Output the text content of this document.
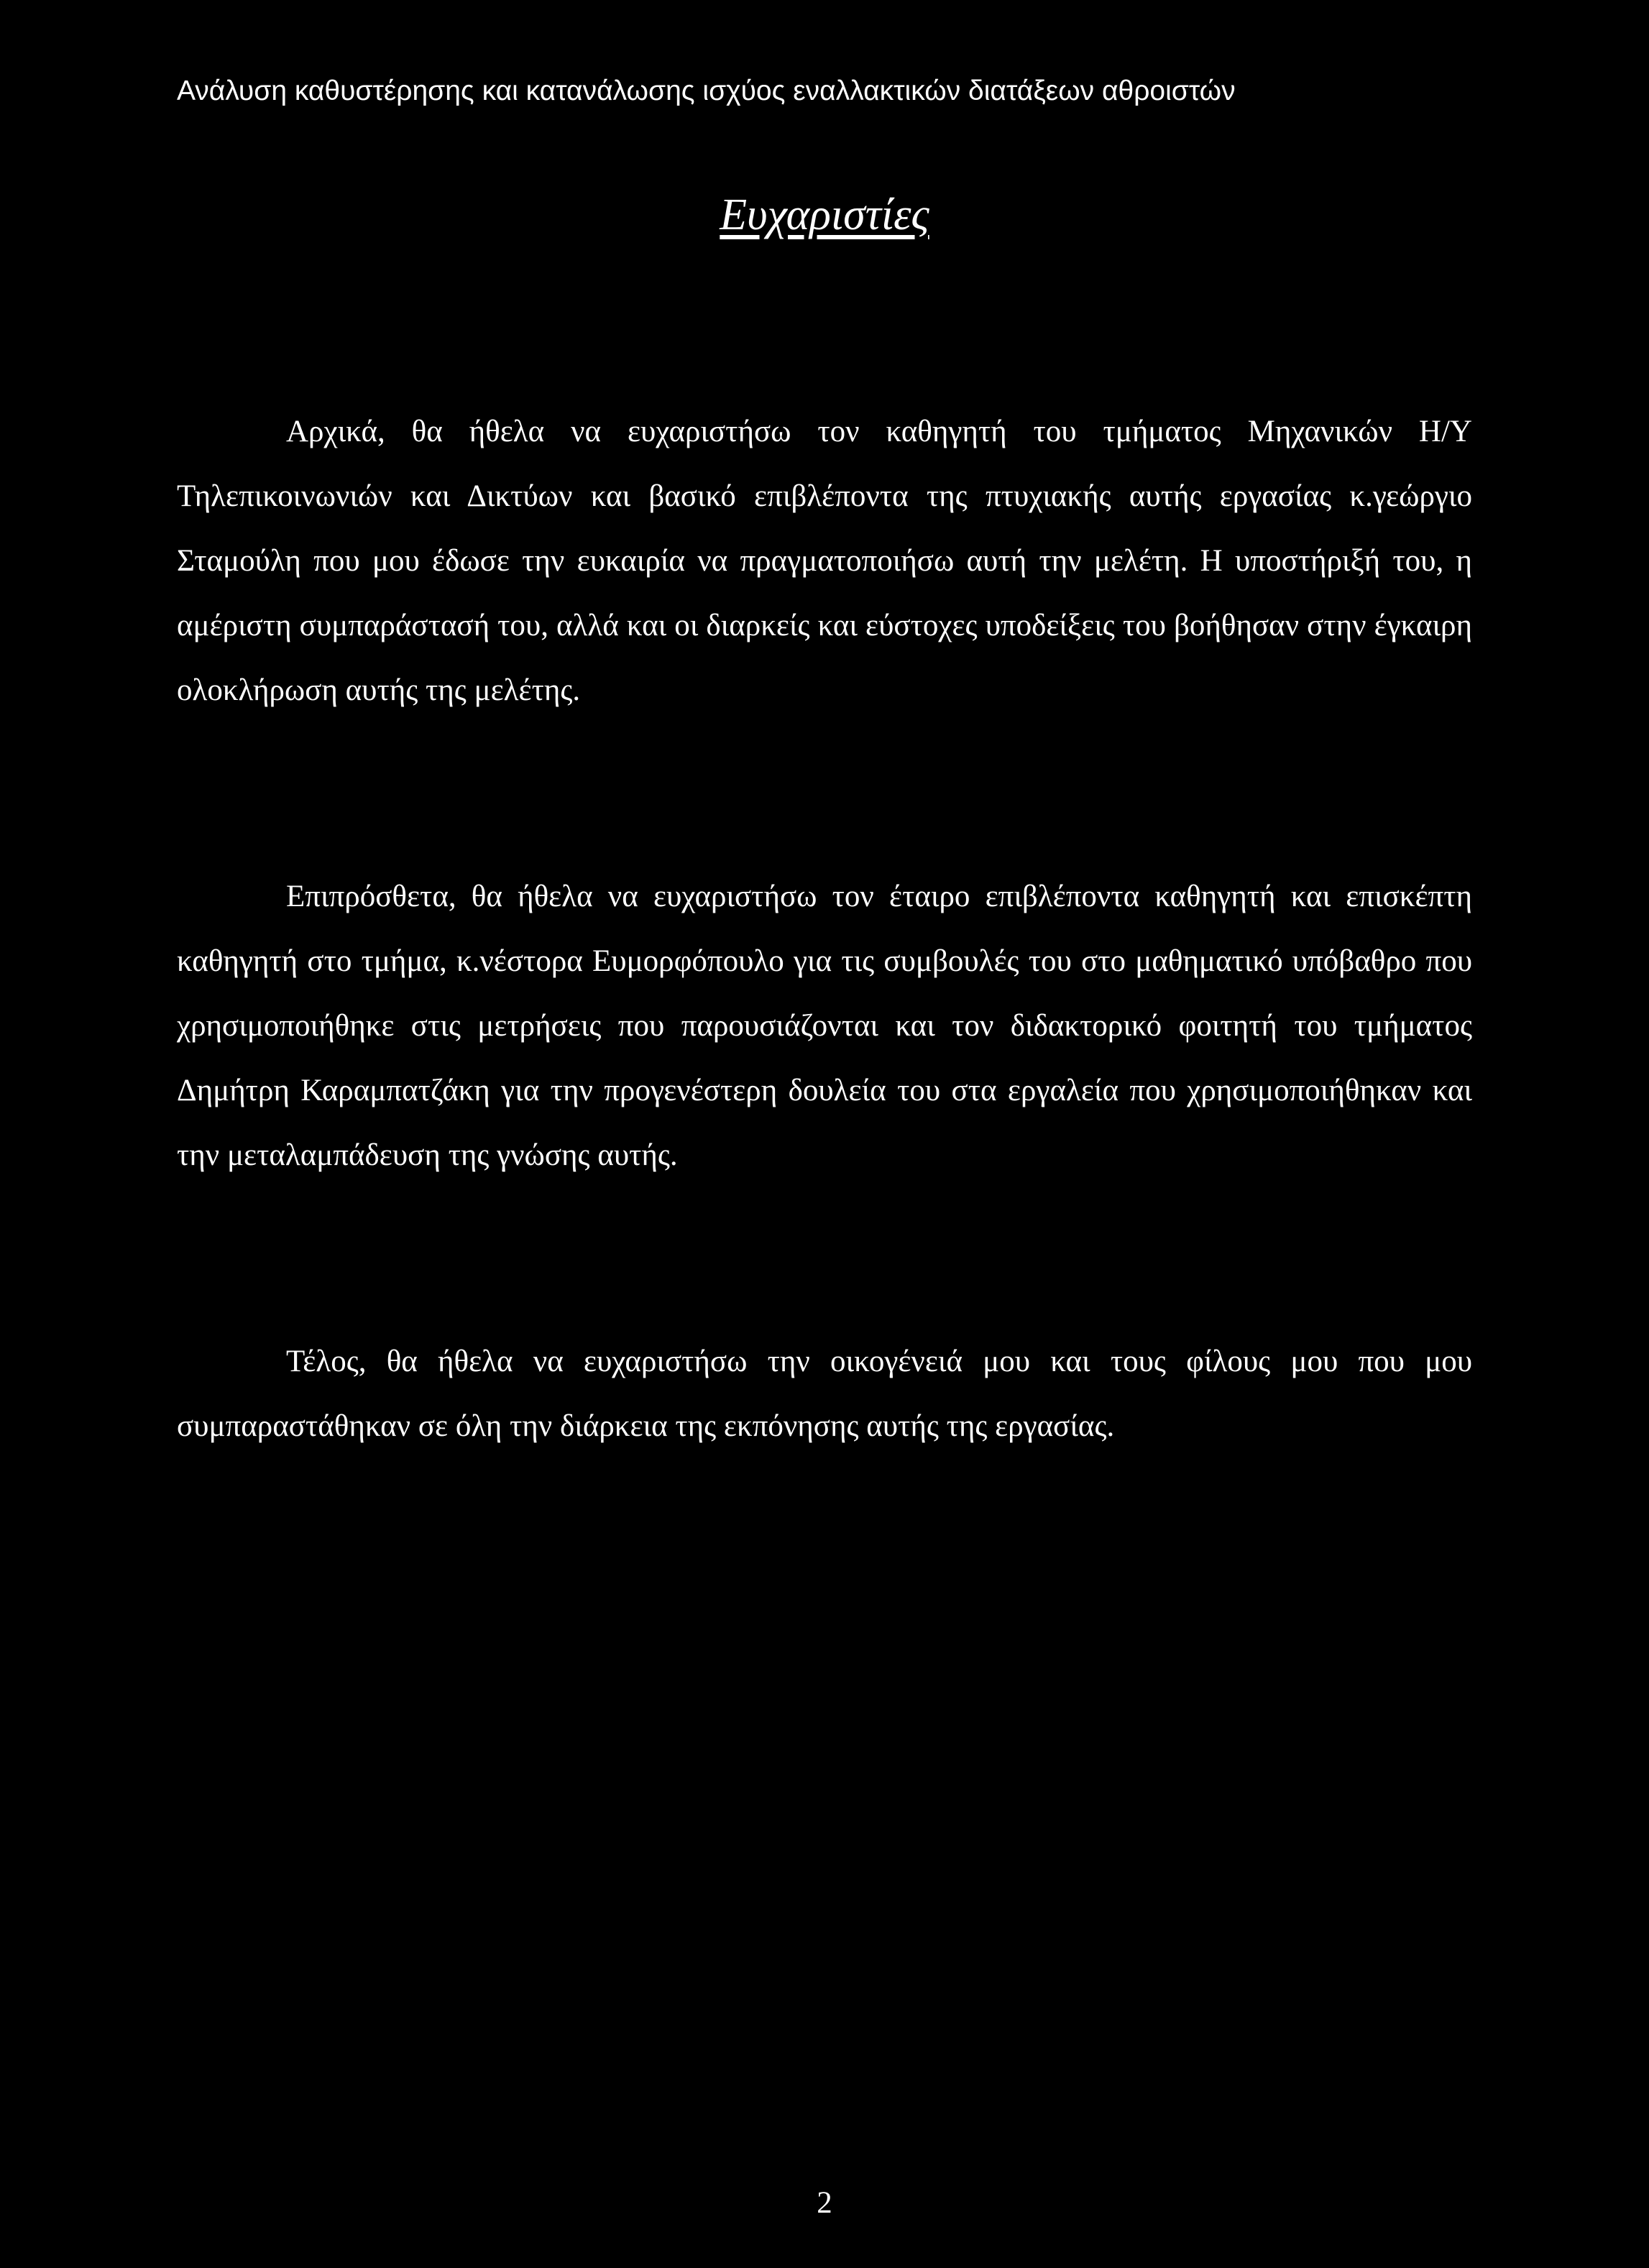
Ανάλυση καθυστέρησης και κατανάλωσης ισχύος εναλλακτικών διατάξεων αθροιστών
Ευχαριστίες

Αρχικά, θα ήθελα να ευχαριστήσω τον καθηγητή του τμήματος Μηχανικών Η/Υ Τηλεπικοινωνιών και Δικτύων και βασικό επιβλέποντα της πτυχιακής αυτής εργασίας κ.γεώργιο Σταμούλη που μου έδωσε την ευκαιρία να πραγματοποιήσω αυτή την μελέτη. Η υποστήριξή του, η αμέριστη συμπαράστασή του, αλλά και οι διαρκείς και εύστοχες υποδείξεις του βοήθησαν στην έγκαιρη ολοκλήρωση αυτής της μελέτης.

Επιπρόσθετα, θα ήθελα να ευχαριστήσω τον έταιρο επιβλέποντα καθηγητή και επισκέπτη καθηγητή στο τμήμα, κ.νέστορα Ευμορφόπουλο για τις συμβουλές του στο μαθηματικό υπόβαθρο που χρησιμοποιήθηκε στις μετρήσεις που παρουσιάζονται και τον διδακτορικό φοιτητή του τμήματος Δημήτρη Καραμπατζάκη για την προγενέστερη δουλεία του στα εργαλεία που χρησιμοποιήθηκαν και την μεταλαμπάδευση της γνώσης αυτής.

Τέλος, θα ήθελα να ευχαριστήσω την οικογένειά μου και τους φίλους μου που μου συμπαραστάθηκαν σε όλη την διάρκεια της εκπόνησης αυτής της εργασίας.

2
